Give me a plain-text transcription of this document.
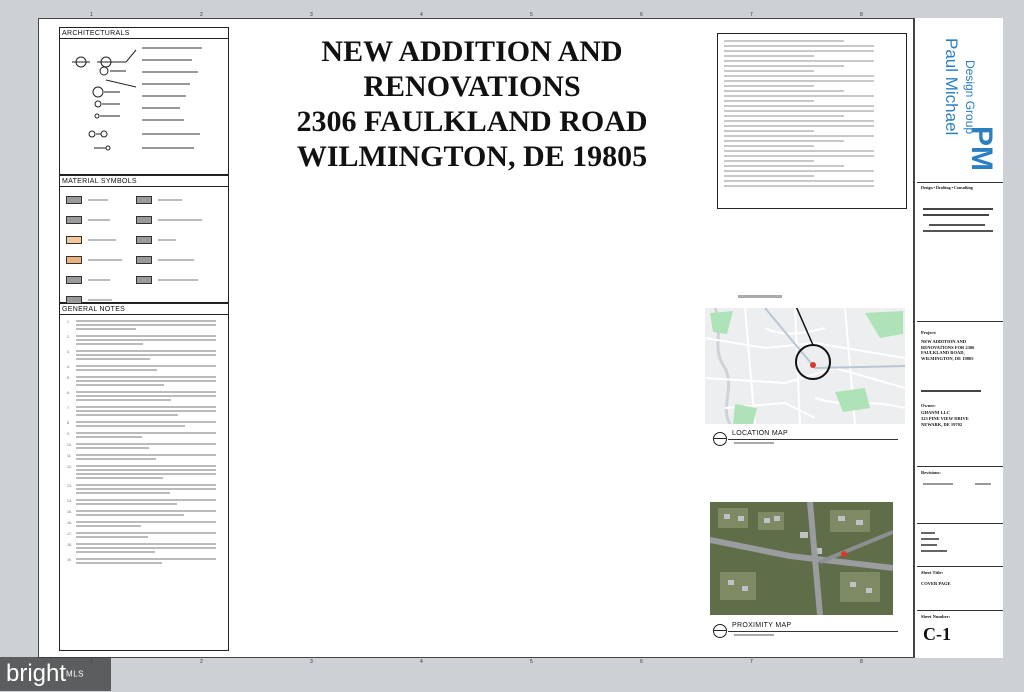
1	2	3	4	5	6	7	8
2	3	4	5	6	7	8
ARCHITECTURALS
MATERIAL SYMBOLS
GENERAL NOTES
1.
2.
3.
4.
5.
6.
7.
8.
9.
10.
11.
12.
13.
14.
15.
16.
17.
18.
19.
NEW ADDITION AND
RENOVATIONS
2306 FAULKLAND ROAD
WILMINGTON, DE 19805
LOCATION MAP
PROXIMITY MAP
Design • Drafting • Consulting
Project:
NEW ADDITION AND RENOVATIONS FOR 2306 FAULKLAND ROAD, WILMINGTON, DE 19805
Owner:
GHANNI LLC
323 PINE VIEW DRIVE
NEWARK, DE 19702
Revisions:
Sheet Title:
COVER PAGE
Sheet Number:
C-1
Paul Michael Design Group
PM
brightMLS
